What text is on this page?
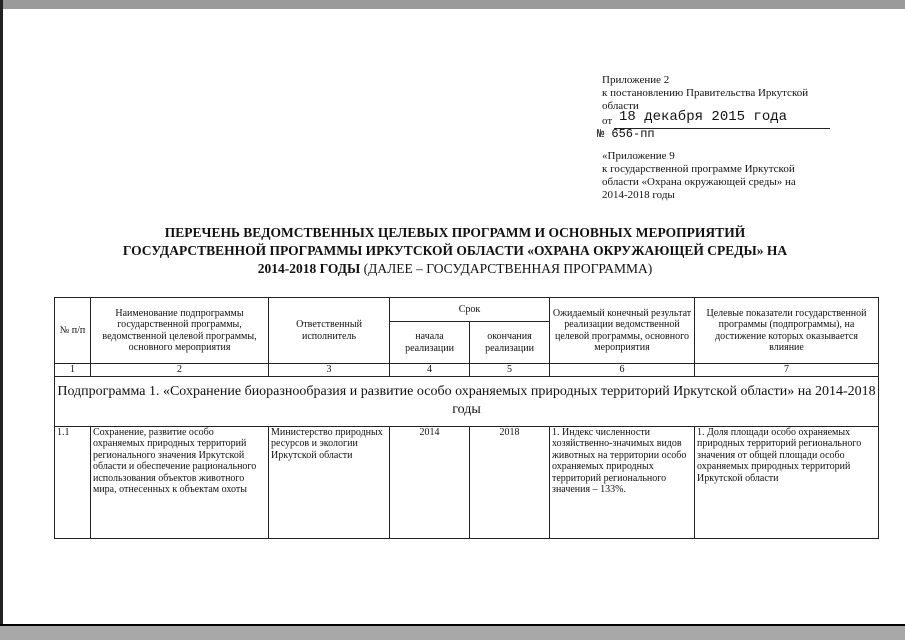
Приложение 2
к постановлению Правительства Иркутской
области
от 18 декабря 2015 года
№ 656-пп
«Приложение 9
к государственной программе Иркутской
области «Охрана окружающей среды» на
2014-2018 годы
ПЕРЕЧЕНЬ ВЕДОМСТВЕННЫХ ЦЕЛЕВЫХ ПРОГРАММ И ОСНОВНЫХ МЕРОПРИЯТИЙ
ГОСУДАРСТВЕННОЙ ПРОГРАММЫ ИРКУТСКОЙ ОБЛАСТИ «ОХРАНА ОКРУЖАЮЩЕЙ СРЕДЫ» НА
2014-2018 ГОДЫ (ДАЛЕЕ – ГОСУДАРСТВЕННАЯ ПРОГРАММА)
№ п/п	Наименование подпрограммы государственной программы, ведомственной целевой программы, основного мероприятия	Ответственный исполнитель	Срок		Ожидаемый конечный результат реализации ведомственной целевой программы, основного мероприятия	Целевые показатели государственной программы (подпрограммы), на достижение которых оказывается влияние
			начала реализации	окончания реализации		
1	2	3	4	5	6	7
Подпрограмма 1. «Сохранение биоразнообразия и развитие особо охраняемых природных территорий Иркутской области» на 2014-2018 годы						
1.1	Сохранение, развитие особо охраняемых природных территорий регионального значения Иркутской области и обеспечение рационального использования объектов животного мира, отнесенных к объектам охоты	Министерство природных ресурсов и экологии Иркутской области	2014	2018	1. Индекс численности хозяйственно-значимых видов животных на территории особо охраняемых природных территорий регионального значения – 133%.	1. Доля площади особо охраняемых природных территорий регионального значения от общей площади особо охраняемых природных территорий Иркутской области
